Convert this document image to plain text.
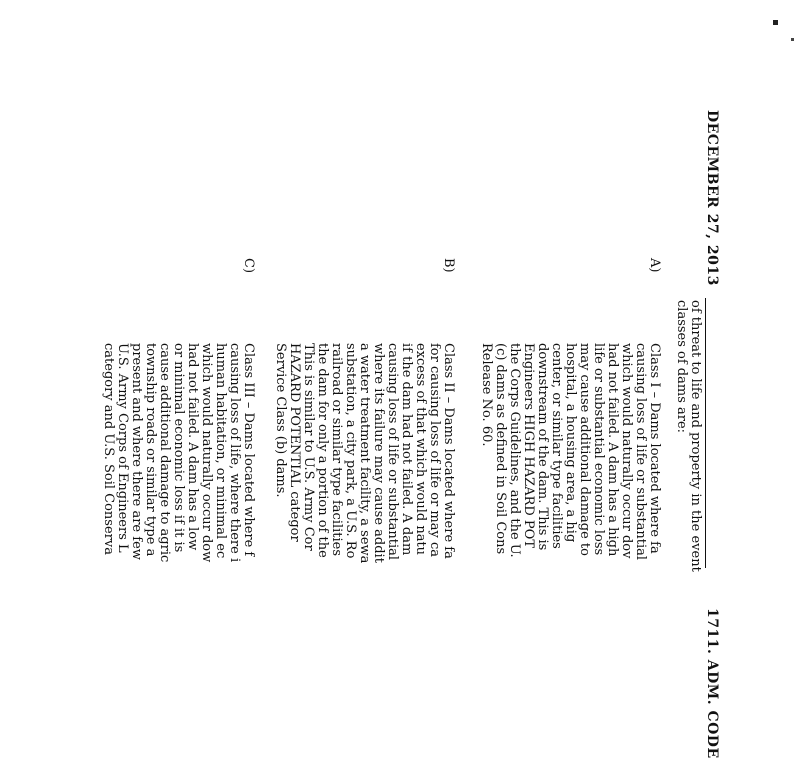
DECEMBER 27, 2013
1711. ADM. CODE
of threat to life and property in the event
classes of dams are:
A)
Class I – Dams located where fa
causing loss of life or substantial
which would naturally occur dov
had not failed. A dam has a high
life or substantial economic loss
may cause additional damage to
hospital, a housing area, a hig
center, or similar type facilities
downstream of the dam. This is
Engineers HIGH HAZARD POT
the Corps Guidelines, and the U.
(c) dams as defined in Soil Cons
Release No. 60.
B)
Class II – Dams located where fa
for causing loss of life or may ca
excess of that which would natu
if the dam had not failed. A dam
causing loss of life or substantial
where its failure may cause addit
a water treatment facility, a sewa
substation, a city park, a U.S. Ro
railroad or similar type facilities
the dam for only a portion of the
This is similar to U.S. Army Cor
HAZARD POTENTIAL categor
Service Class (b) dams.
C)
Class III – Dams located where f
causing loss of life, where there i
human habitation, or minimal ec
which would naturally occur dow
had not failed. A dam has a low
or minimal economic loss if it is
cause additional damage to agric
township roads or similar type a
present and where there are few
U.S. Army Corps of Engineers L
category and U.S. Soil Conserva
